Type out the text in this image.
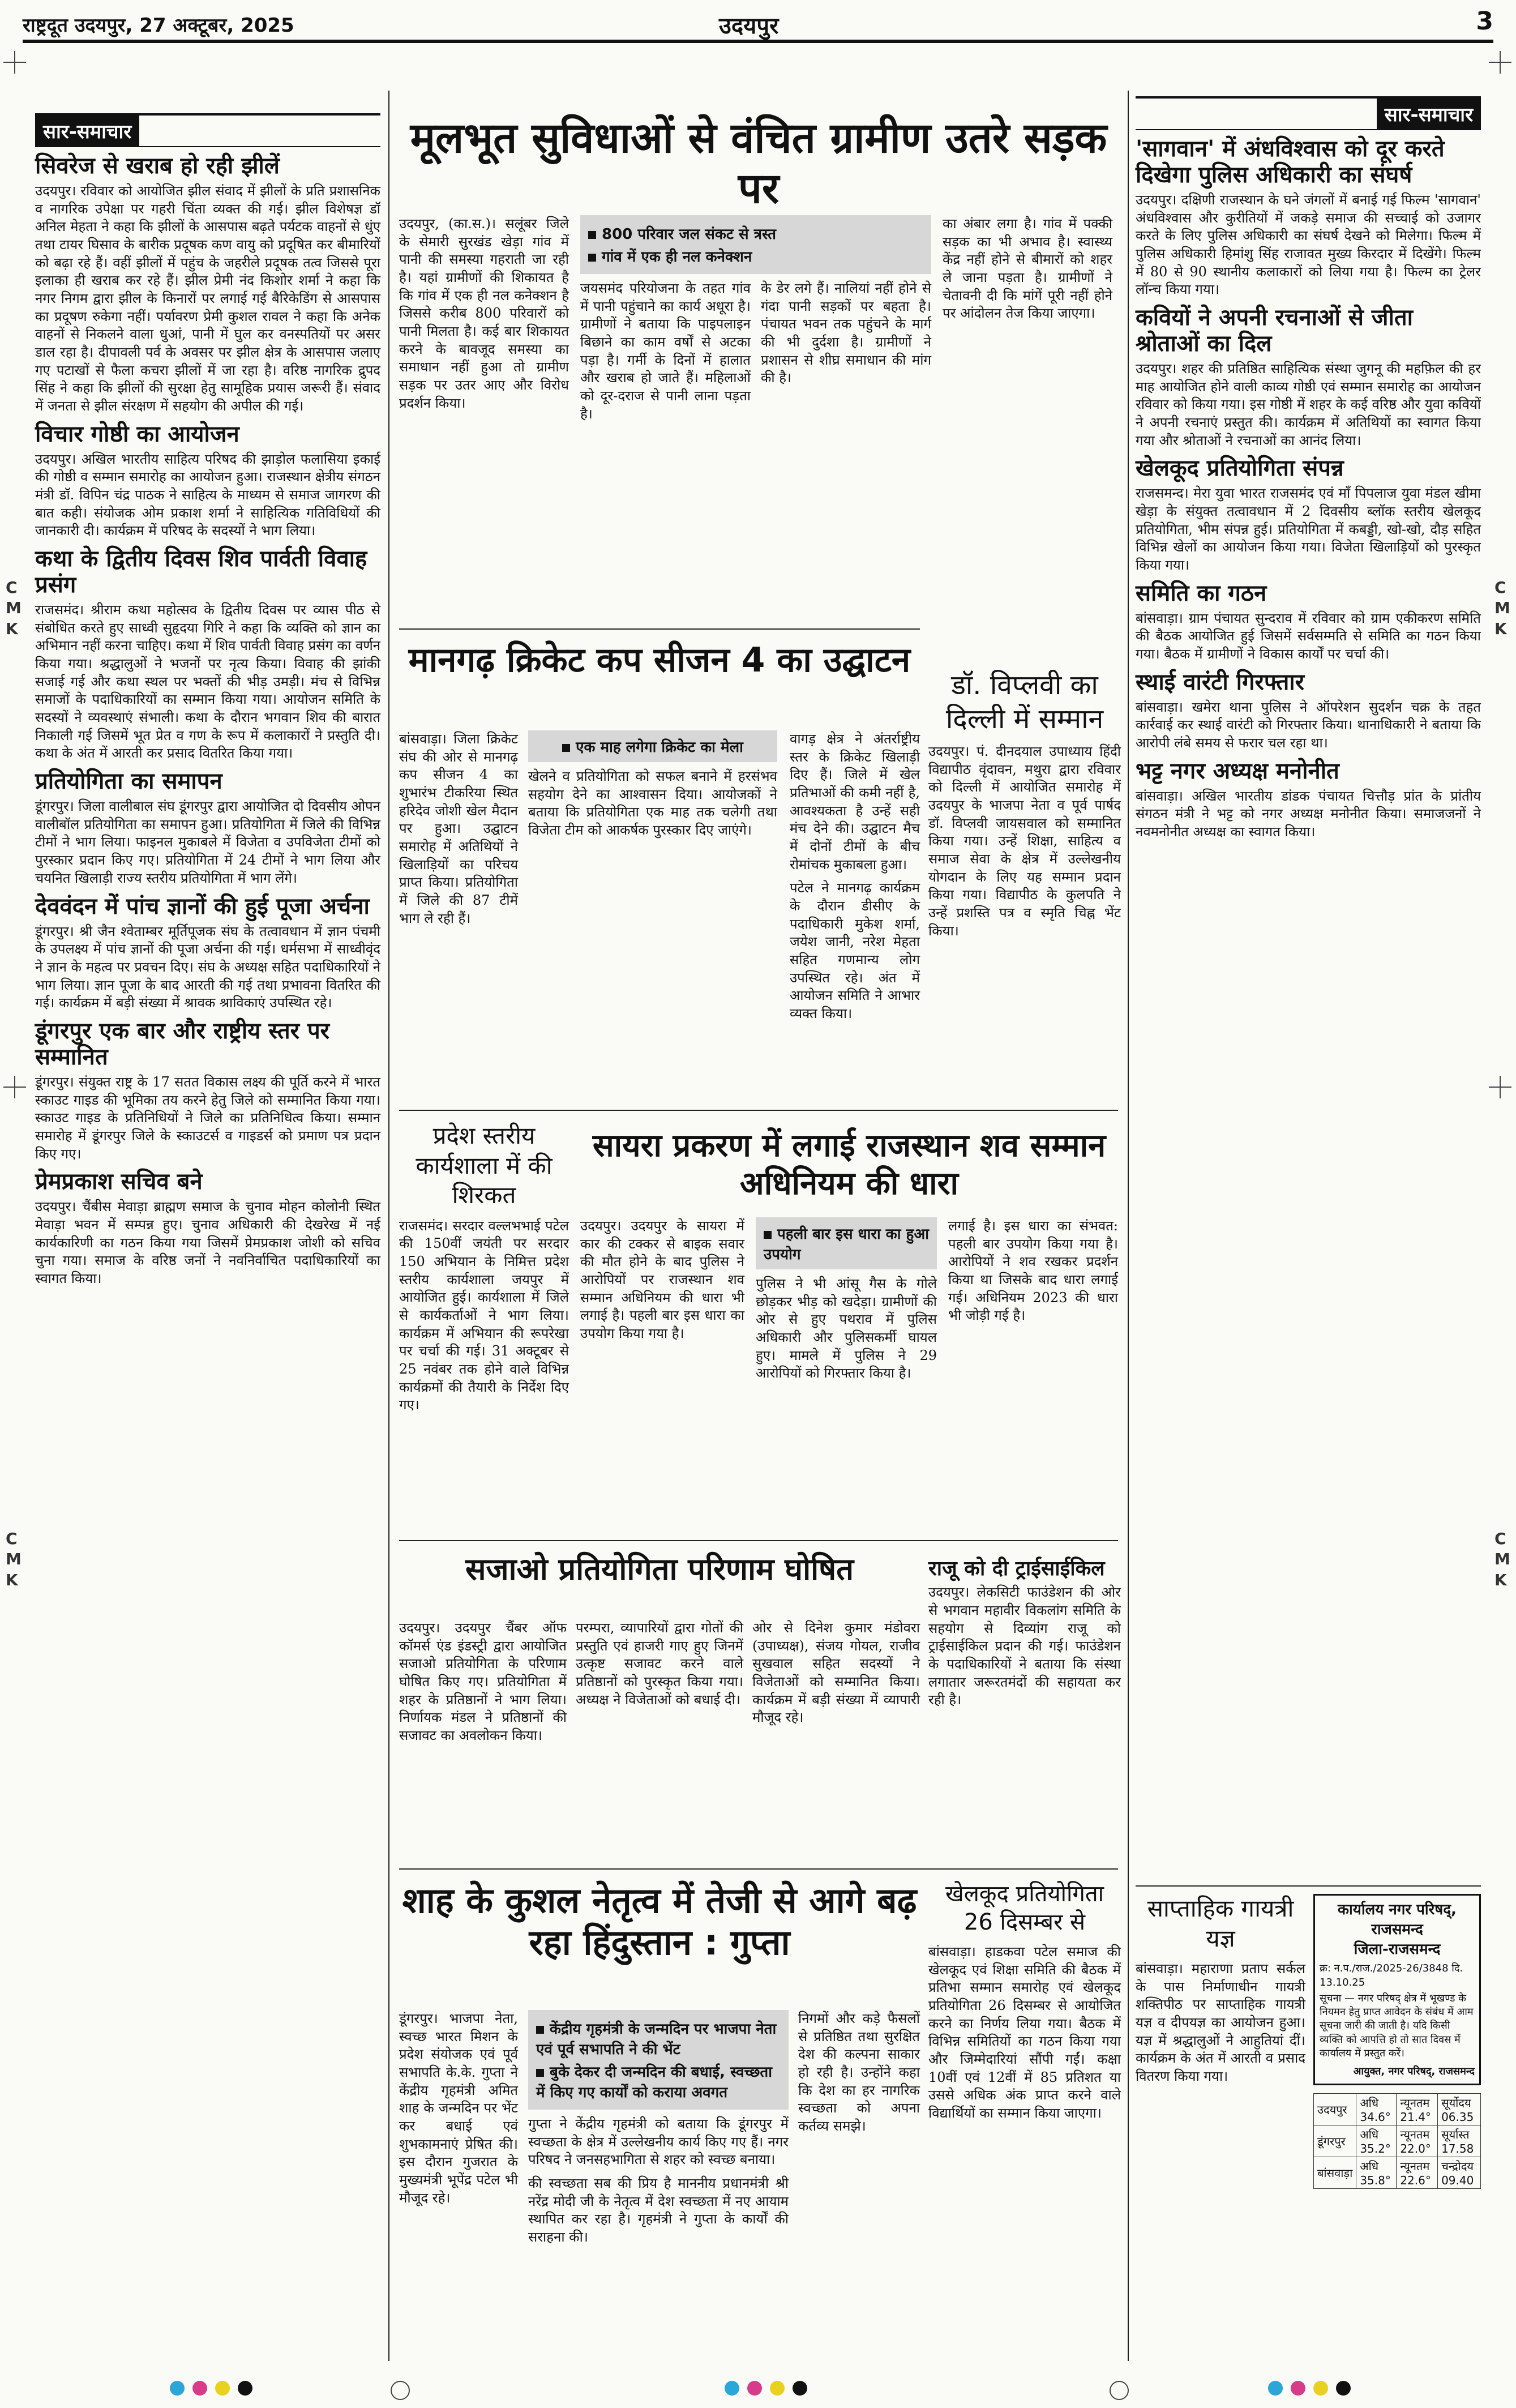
राष्ट्रदूत उदयपुर, 27 अक्टूबर, 2025	उदयपुर	3
सार-समाचार
सिवरेज से खराब हो रही झीलें

उदयपुर। रविवार को आयोजित झील संवाद में झीलों के प्रति प्रशासनिक व नागरिक उपेक्षा पर गहरी चिंता व्यक्त की गई। झील विशेषज्ञ डॉ अनिल मेहता ने कहा कि झीलों के आसपास बढ़ते पर्यटक वाहनों से धुंए तथा टायर घिसाव के बारीक प्रदूषक कण वायु को प्रदूषित कर बीमारियों को बढ़ा रहे हैं। वहीं झीलों में पहुंच के जहरीले प्रदूषक तत्व जिससे पूरा इलाका ही खराब कर रहे हैं। झील प्रेमी नंद किशोर शर्मा ने कहा कि नगर निगम द्वारा झील के किनारों पर लगाई गई बैरिकेडिंग से आसपास का प्रदूषण रुकेगा नहीं। पर्यावरण प्रेमी कुशल रावल ने कहा कि अनेक वाहनों से निकलने वाला धुआं, पानी में घुल कर वनस्पतियों पर असर डाल रहा है। दीपावली पर्व के अवसर पर झील क्षेत्र के आसपास जलाए गए पटाखों से फैला कचरा झीलों में जा रहा है। वरिष्ठ नागरिक द्रुपद सिंह ने कहा कि झीलों की सुरक्षा हेतु सामूहिक प्रयास जरूरी हैं। संवाद में जनता से झील संरक्षण में सहयोग की अपील की गई।

विचार गोष्ठी का आयोजन

उदयपुर। अखिल भारतीय साहित्य परिषद की झाड़ोल फलासिया इकाई की गोष्ठी व सम्मान समारोह का आयोजन हुआ। राजस्थान क्षेत्रीय संगठन मंत्री डॉ. विपिन चंद्र पाठक ने साहित्य के माध्यम से समाज जागरण की बात कही। संयोजक ओम प्रकाश शर्मा ने साहित्यिक गतिविधियों की जानकारी दी। कार्यक्रम में परिषद के सदस्यों ने भाग लिया।

कथा के द्वितीय दिवस शिव पार्वती विवाह प्रसंग

राजसमंद। श्रीराम कथा महोत्सव के द्वितीय दिवस पर व्यास पीठ से संबोधित करते हुए साध्वी सुहृदया गिरि ने कहा कि व्यक्ति को ज्ञान का अभिमान नहीं करना चाहिए। कथा में शिव पार्वती विवाह प्रसंग का वर्णन किया गया। श्रद्धालुओं ने भजनों पर नृत्य किया। विवाह की झांकी सजाई गई और कथा स्थल पर भक्तों की भीड़ उमड़ी। मंच से विभिन्न समाजों के पदाधिकारियों का सम्मान किया गया। आयोजन समिति के सदस्यों ने व्यवस्थाएं संभाली। कथा के दौरान भगवान शिव की बारात निकाली गई जिसमें भूत प्रेत व गण के रूप में कलाकारों ने प्रस्तुति दी। कथा के अंत में आरती कर प्रसाद वितरित किया गया।

प्रतियोगिता का समापन

डूंगरपुर। जिला वालीबाल संघ डूंगरपुर द्वारा आयोजित दो दिवसीय ओपन वालीबॉल प्रतियोगिता का समापन हुआ। प्रतियोगिता में जिले की विभिन्न टीमों ने भाग लिया। फाइनल मुकाबले में विजेता व उपविजेता टीमों को पुरस्कार प्रदान किए गए। प्रतियोगिता में 24 टीमों ने भाग लिया और चयनित खिलाड़ी राज्य स्तरीय प्रतियोगिता में भाग लेंगे।

देववंदन में पांच ज्ञानों की हुई पूजा अर्चना

डूंगरपुर। श्री जैन श्वेताम्बर मूर्तिपूजक संघ के तत्वावधान में ज्ञान पंचमी के उपलक्ष्य में पांच ज्ञानों की पूजा अर्चना की गई। धर्मसभा में साध्वीवृंद ने ज्ञान के महत्व पर प्रवचन दिए। संघ के अध्यक्ष सहित पदाधिकारियों ने भाग लिया। ज्ञान पूजा के बाद आरती की गई तथा प्रभावना वितरित की गई। कार्यक्रम में बड़ी संख्या में श्रावक श्राविकाएं उपस्थित रहे।

डूंगरपुर एक बार और राष्ट्रीय स्तर पर सम्मानित

डूंगरपुर। संयुक्त राष्ट्र के 17 सतत विकास लक्ष्य की पूर्ति करने में भारत स्काउट गाइड की भूमिका तय करने हेतु जिले को सम्मानित किया गया। स्काउट गाइड के प्रतिनिधियों ने जिले का प्रतिनिधित्व किया। सम्मान समारोह में डूंगरपुर जिले के स्काउटर्स व गाइडर्स को प्रमाण पत्र प्रदान किए गए।

प्रेमप्रकाश सचिव बने

उदयपुर। चैंबीस मेवाड़ा ब्राह्मण समाज के चुनाव मोहन कोलोनी स्थित मेवाड़ा भवन में सम्पन्न हुए। चुनाव अधिकारी की देखरेख में नई कार्यकारिणी का गठन किया गया जिसमें प्रेमप्रकाश जोशी को सचिव चुना गया। समाज के वरिष्ठ जनों ने नवनिर्वाचित पदाधिकारियों का स्वागत किया।

मूलभूत सुविधाओं से वंचित ग्रामीण उतरे सड़क पर

उदयपुर, (का.स.)। सलूंबर जिले के सेमारी सुरखंड खेड़ा गांव में पानी की समस्या गहराती जा रही है। यहां ग्रामीणों की शिकायत है कि गांव में एक ही नल कनेक्शन है जिससे करीब 800 परिवारों को पानी मिलता है। कई बार शिकायत करने के बावजूद समस्या का समाधान नहीं हुआ तो ग्रामीण सड़क पर उतर आए और विरोध प्रदर्शन किया।

800 परिवार जल संकट से त्रस्त
गांव में एक ही नल कनेक्शन

जयसमंद परियोजना के तहत गांव में पानी पहुंचाने का कार्य अधूरा है। ग्रामीणों ने बताया कि पाइपलाइन बिछाने का काम वर्षों से अटका पड़ा है। गर्मी के दिनों में हालात और खराब हो जाते हैं। महिलाओं को दूर-दराज से पानी लाना पड़ता है।

के डेर लगे हैं। नालियां नहीं होने से गंदा पानी सड़कों पर बहता है। पंचायत भवन तक पहुंचने के मार्ग की भी दुर्दशा है। ग्रामीणों ने प्रशासन से शीघ्र समाधान की मांग की है।

का अंबार लगा है। गांव में पक्की सड़क का भी अभाव है। स्वास्थ्य केंद्र नहीं होने से बीमारों को शहर ले जाना पड़ता है। ग्रामीणों ने चेतावनी दी कि मांगें पूरी नहीं होने पर आंदोलन तेज किया जाएगा।

मानगढ़ क्रिकेट कप सीजन 4 का उद्घाटन

बांसवाड़ा। जिला क्रिकेट संघ की ओर से मानगढ़ कप सीजन 4 का शुभारंभ टीकरिया स्थित हरिदेव जोशी खेल मैदान पर हुआ। उद्घाटन समारोह में अतिथियों ने खिलाड़ियों का परिचय प्राप्त किया। प्रतियोगिता में जिले की 87 टीमें भाग ले रही हैं।

एक माह लगेगा क्रिकेट का मेला

खेलने व प्रतियोगिता को सफल बनाने में हरसंभव सहयोग देने का आश्वासन दिया। आयोजकों ने बताया कि प्रतियोगिता एक माह तक चलेगी तथा विजेता टीम को आकर्षक पुरस्कार दिए जाएंगे।

वागड़ क्षेत्र ने अंतर्राष्ट्रीय स्तर के क्रिकेट खिलाड़ी दिए हैं। जिले में खेल प्रतिभाओं की कमी नहीं है, आवश्यकता है उन्हें सही मंच देने की। उद्घाटन मैच में दोनों टीमों के बीच रोमांचक मुकाबला हुआ।

पटेल ने मानगढ़ कार्यक्रम के दौरान डीसीए के पदाधिकारी मुकेश शर्मा, जयेश जानी, नरेश मेहता सहित गणमान्य लोग उपस्थित रहे। अंत में आयोजन समिति ने आभार व्यक्त किया।

डॉ. विप्लवी का दिल्ली में सम्मान

उदयपुर। पं. दीनदयाल उपाध्याय हिंदी विद्यापीठ वृंदावन, मथुरा द्वारा रविवार को दिल्ली में आयोजित समारोह में उदयपुर के भाजपा नेता व पूर्व पार्षद डॉ. विप्लवी जायसवाल को सम्मानित किया गया। उन्हें शिक्षा, साहित्य व समाज सेवा के क्षेत्र में उल्लेखनीय योगदान के लिए यह सम्मान प्रदान किया गया। विद्यापीठ के कुलपति ने उन्हें प्रशस्ति पत्र व स्मृति चिह्न भेंट किया।

प्रदेश स्तरीय कार्यशाला में की शिरकत

राजसमंद। सरदार वल्लभभाई पटेल की 150वीं जयंती पर सरदार 150 अभियान के निमित्त प्रदेश स्तरीय कार्यशाला जयपुर में आयोजित हुई। कार्यशाला में जिले से कार्यकर्ताओं ने भाग लिया। कार्यक्रम में अभियान की रूपरेखा पर चर्चा की गई। 31 अक्टूबर से 25 नवंबर तक होने वाले विभिन्न कार्यक्रमों की तैयारी के निर्देश दिए गए।

सायरा प्रकरण में लगाई राजस्थान शव सम्मान अधिनियम की धारा

उदयपुर। उदयपुर के सायरा में कार की टक्कर से बाइक सवार की मौत होने के बाद पुलिस ने आरोपियों पर राजस्थान शव सम्मान अधिनियम की धारा भी लगाई है। पहली बार इस धारा का उपयोग किया गया है।

पहली बार इस धारा का हुआ उपयोग

पुलिस ने भी आंसू गैस के गोले छोड़कर भीड़ को खदेड़ा। ग्रामीणों की ओर से हुए पथराव में पुलिस अधिकारी और पुलिसकर्मी घायल हुए। मामले में पुलिस ने 29 आरोपियों को गिरफ्तार किया है।

लगाई है। इस धारा का संभवत: पहली बार उपयोग किया गया है। आरोपियों ने शव रखकर प्रदर्शन किया था जिसके बाद धारा लगाई गई। अधिनियम 2023 की धारा भी जोड़ी गई है।

सजाओ प्रतियोगिता परिणाम घोषित

उदयपुर। उदयपुर चैंबर ऑफ कॉमर्स एंड इंडस्ट्री द्वारा आयोजित सजाओ प्रतियोगिता के परिणाम घोषित किए गए। प्रतियोगिता में शहर के प्रतिष्ठानों ने भाग लिया। निर्णायक मंडल ने प्रतिष्ठानों की सजावट का अवलोकन किया।

परम्परा, व्यापारियों द्वारा गोतों की प्रस्तुति एवं हाजरी गाए हुए जिनमें उत्कृष्ट सजावट करने वाले प्रतिष्ठानों को पुरस्कृत किया गया। अध्यक्ष ने विजेताओं को बधाई दी।

ओर से दिनेश कुमार मंडोवरा (उपाध्यक्ष), संजय गोयल, राजीव सुखवाल सहित सदस्यों ने विजेताओं को सम्मानित किया। कार्यक्रम में बड़ी संख्या में व्यापारी मौजूद रहे।

राजू को दी ट्राईसाईकिल

उदयपुर। लेकसिटी फाउंडेशन की ओर से भगवान महावीर विकलांग समिति के सहयोग से दिव्यांग राजू को ट्राईसाईकिल प्रदान की गई। फाउंडेशन के पदाधिकारियों ने बताया कि संस्था लगातार जरूरतमंदों की सहायता कर रही है।

खेलकूद प्रतियोगिता 26 दिसम्बर से

बांसवाड़ा। हाडकवा पटेल समाज की खेलकूद एवं शिक्षा समिति की बैठक में प्रतिभा सम्मान समारोह एवं खेलकूद प्रतियोगिता 26 दिसम्बर से आयोजित करने का निर्णय लिया गया। बैठक में विभिन्न समितियों का गठन किया गया और जिम्मेदारियां सौंपी गईं। कक्षा 10वीं एवं 12वीं में 85 प्रतिशत या उससे अधिक अंक प्राप्त करने वाले विद्यार्थियों का सम्मान किया जाएगा।

शाह के कुशल नेतृत्व में तेजी से आगे बढ़ रहा हिंदुस्तान : गुप्ता

डूंगरपुर। भाजपा नेता, स्वच्छ भारत मिशन के प्रदेश संयोजक एवं पूर्व सभापति के.के. गुप्ता ने केंद्रीय गृहमंत्री अमित शाह के जन्मदिन पर भेंट कर बधाई एवं शुभकामनाएं प्रेषित की। इस दौरान गुजरात के मुख्यमंत्री भूपेंद्र पटेल भी मौजूद रहे।

केंद्रीय गृहमंत्री के जन्मदिन पर भाजपा नेता एवं पूर्व सभापति ने की भेंट
बुके देकर दी जन्मदिन की बधाई, स्वच्छता में किए गए कार्यों को कराया अवगत

गुप्ता ने केंद्रीय गृहमंत्री को बताया कि डूंगरपुर में स्वच्छता के क्षेत्र में उल्लेखनीय कार्य किए गए हैं। नगर परिषद ने जनसहभागिता से शहर को स्वच्छ बनाया।

की स्वच्छता सब की प्रिय है माननीय प्रधानमंत्री श्री नरेंद्र मोदी जी के नेतृत्व में देश स्वच्छता में नए आयाम स्थापित कर रहा है। गृहमंत्री ने गुप्ता के कार्यों की सराहना की।

निगमों और कड़े फैसलों से प्रतिष्ठित तथा सुरक्षित देश की कल्पना साकार हो रही है। उन्होंने कहा कि देश का हर नागरिक स्वच्छता को अपना कर्तव्य समझे।

सार-समाचार
'सागवान' में अंधविश्वास को दूर करते दिखेगा पुलिस अधिकारी का संघर्ष

उदयपुर। दक्षिणी राजस्थान के घने जंगलों में बनाई गई फिल्म 'सागवान' अंधविश्वास और कुरीतियों में जकड़े समाज की सच्चाई को उजागर करते के लिए पुलिस अधिकारी का संघर्ष देखने को मिलेगा। फिल्म में पुलिस अधिकारी हिमांशु सिंह राजावत मुख्य किरदार में दिखेंगे। फिल्म में 80 से 90 स्थानीय कलाकारों को लिया गया है। फिल्म का ट्रेलर लॉन्च किया गया।

कवियों ने अपनी रचनाओं से जीता श्रोताओं का दिल

उदयपुर। शहर की प्रतिष्ठित साहित्यिक संस्था जुगनू की महफ़िल की हर माह आयोजित होने वाली काव्य गोष्ठी एवं सम्मान समारोह का आयोजन रविवार को किया गया। इस गोष्ठी में शहर के कई वरिष्ठ और युवा कवियों ने अपनी रचनाएं प्रस्तुत की। कार्यक्रम में अतिथियों का स्वागत किया गया और श्रोताओं ने रचनाओं का आनंद लिया।

खेलकूद प्रतियोगिता संपन्न

राजसमन्द। मेरा युवा भारत राजसमंद एवं माँ पिपलाज युवा मंडल खीमा खेड़ा के संयुक्त तत्वावधान में 2 दिवसीय ब्लॉक स्तरीय खेलकूद प्रतियोगिता, भीम संपन्न हुई। प्रतियोगिता में कबड्डी, खो-खो, दौड़ सहित विभिन्न खेलों का आयोजन किया गया। विजेता खिलाड़ियों को पुरस्कृत किया गया।

समिति का गठन

बांसवाड़ा। ग्राम पंचायत सुन्दराव में रविवार को ग्राम एकीकरण समिति की बैठक आयोजित हुई जिसमें सर्वसम्मति से समिति का गठन किया गया। बैठक में ग्रामीणों ने विकास कार्यों पर चर्चा की।

स्थाई वारंटी गिरफ्तार

बांसवाड़ा। खमेरा थाना पुलिस ने ऑपरेशन सुदर्शन चक्र के तहत कार्रवाई कर स्थाई वारंटी को गिरफ्तार किया। थानाधिकारी ने बताया कि आरोपी लंबे समय से फरार चल रहा था।

भट्ट नगर अध्यक्ष मनोनीत

बांसवाड़ा। अखिल भारतीय डांडक पंचायत चित्तौड़ प्रांत के प्रांतीय संगठन मंत्री ने भट्ट को नगर अध्यक्ष मनोनीत किया। समाजजनों ने नवमनोनीत अध्यक्ष का स्वागत किया।

साप्ताहिक गायत्री यज्ञ

बांसवाड़ा। महाराणा प्रताप सर्कल के पास निर्माणाधीन गायत्री शक्तिपीठ पर साप्ताहिक गायत्री यज्ञ व दीपयज्ञ का आयोजन हुआ। यज्ञ में श्रद्धालुओं ने आहुतियां दीं। कार्यक्रम के अंत में आरती व प्रसाद वितरण किया गया।

कार्यालय नगर परिषद्, राजसमन्द
जिला-राजसमन्द
क्र: न.प./राज./2025-26/3848 दि. 13.10.25
सूचना — नगर परिषद् क्षेत्र में भूखण्ड के नियमन हेतु प्राप्त आवेदन के संबंध में आम सूचना जारी की जाती है। यदि किसी व्यक्ति को आपत्ति हो तो सात दिवस में कार्यालय में प्रस्तुत करें।
आयुक्त, नगर परिषद्, राजसमन्द
उदयपुर	अधि 34.6°	न्यूनतम 21.4°	सूर्योदय 06.35
डूंगरपुर	अधि 35.2°	न्यूनतम 22.0°	सूर्यास्त 17.58
बांसवाड़ा	अधि 35.8°	न्यूनतम 22.6°	चन्द्रोदय 09.40
C M K
C M K
C M K
C M K
